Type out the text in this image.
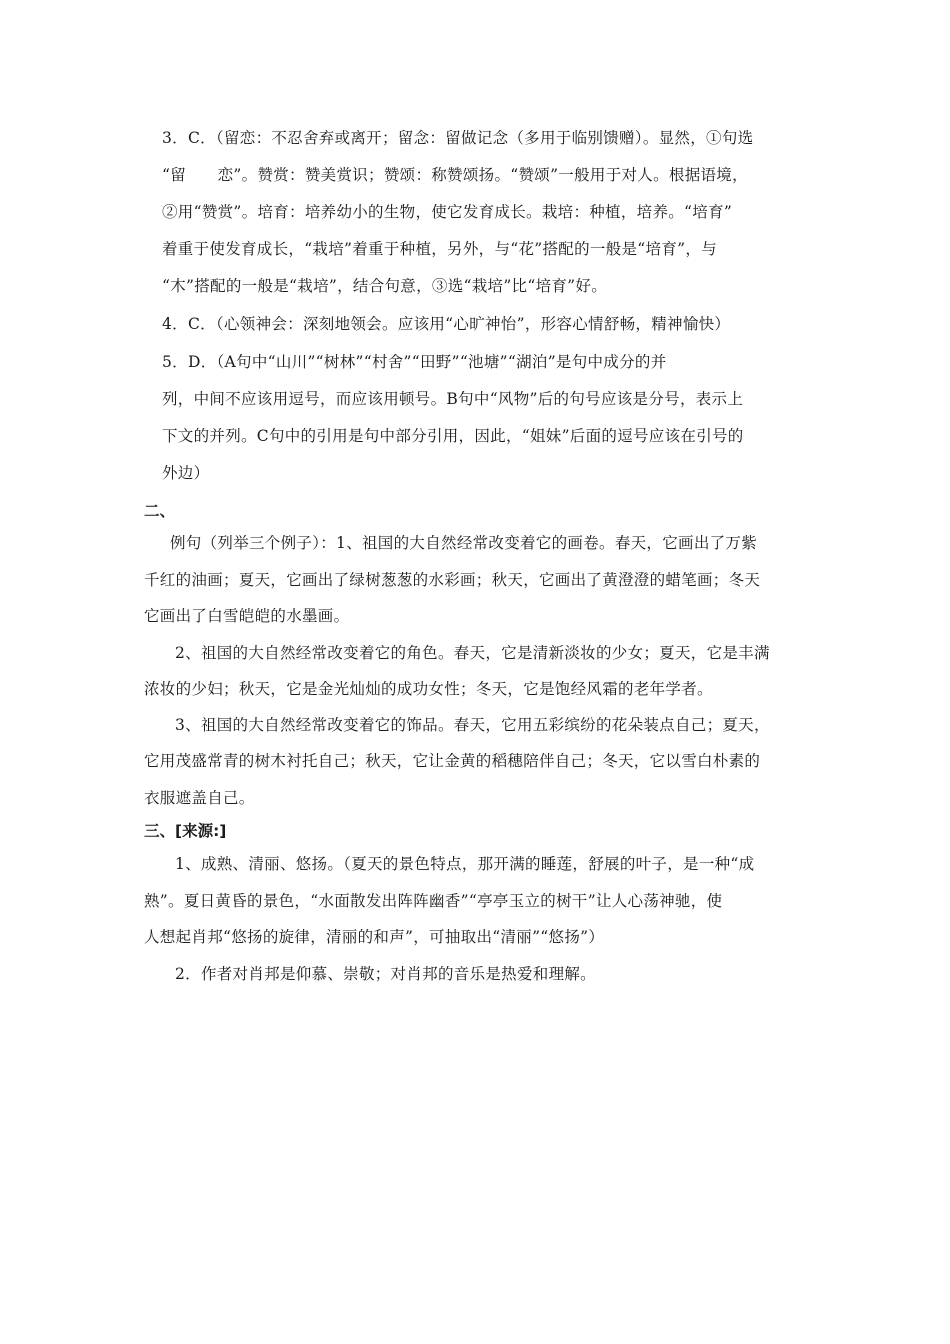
3．C．（留恋：不忍舍弃或离开；留念：留做记念（多用于临别馈赠）。显然，①句选
“留　　恋”。赞赏：赞美赏识；赞颂：称赞颂扬。“赞颂”一般用于对人。根据语境，
②用“赞赏”。培育：培养幼小的生物，使它发育成长。栽培：种植，培养。“培育”
着重于使发育成长，“栽培”着重于种植，另外，与“花”搭配的一般是“培育”，与
“木”搭配的一般是“栽培”，结合句意，③选“栽培”比“培育”好。
4．C．（心领神会：深刻地领会。应该用“心旷神怡”，形容心情舒畅，精神愉快）
5．D．（A句中“山川”“树林”“村舍”“田野”“池塘”“湖泊”是句中成分的并
列，中间不应该用逗号，而应该用顿号。B句中“风物”后的句号应该是分号，表示上
下文的并列。C句中的引用是句中部分引用，因此，“姐妹”后面的逗号应该在引号的
外边）
二、
例句（列举三个例子）：1、祖国的大自然经常改变着它的画卷。春天，它画出了万紫
千红的油画；夏天，它画出了绿树葱葱的水彩画；秋天，它画出了黄澄澄的蜡笔画；冬天
它画出了白雪皑皑的水墨画。
2、祖国的大自然经常改变着它的角色。春天，它是清新淡妆的少女；夏天，它是丰满
浓妆的少妇；秋天，它是金光灿灿的成功女性；冬天，它是饱经风霜的老年学者。
3、祖国的大自然经常改变着它的饰品。春天，它用五彩缤纷的花朵装点自己；夏天，
它用茂盛常青的树木衬托自己；秋天，它让金黄的稻穗陪伴自己；冬天，它以雪白朴素的
衣服遮盖自己。
三、[来源:]
1、成熟、清丽、悠扬。（夏天的景色特点，那开满的睡莲，舒展的叶子，是一种“成
熟”。夏日黄昏的景色，“水面散发出阵阵幽香”“亭亭玉立的树干”让人心荡神驰，使
人想起肖邦“悠扬的旋律，清丽的和声”，可抽取出“清丽”“悠扬”）
2．作者对肖邦是仰慕、崇敬；对肖邦的音乐是热爱和理解。
